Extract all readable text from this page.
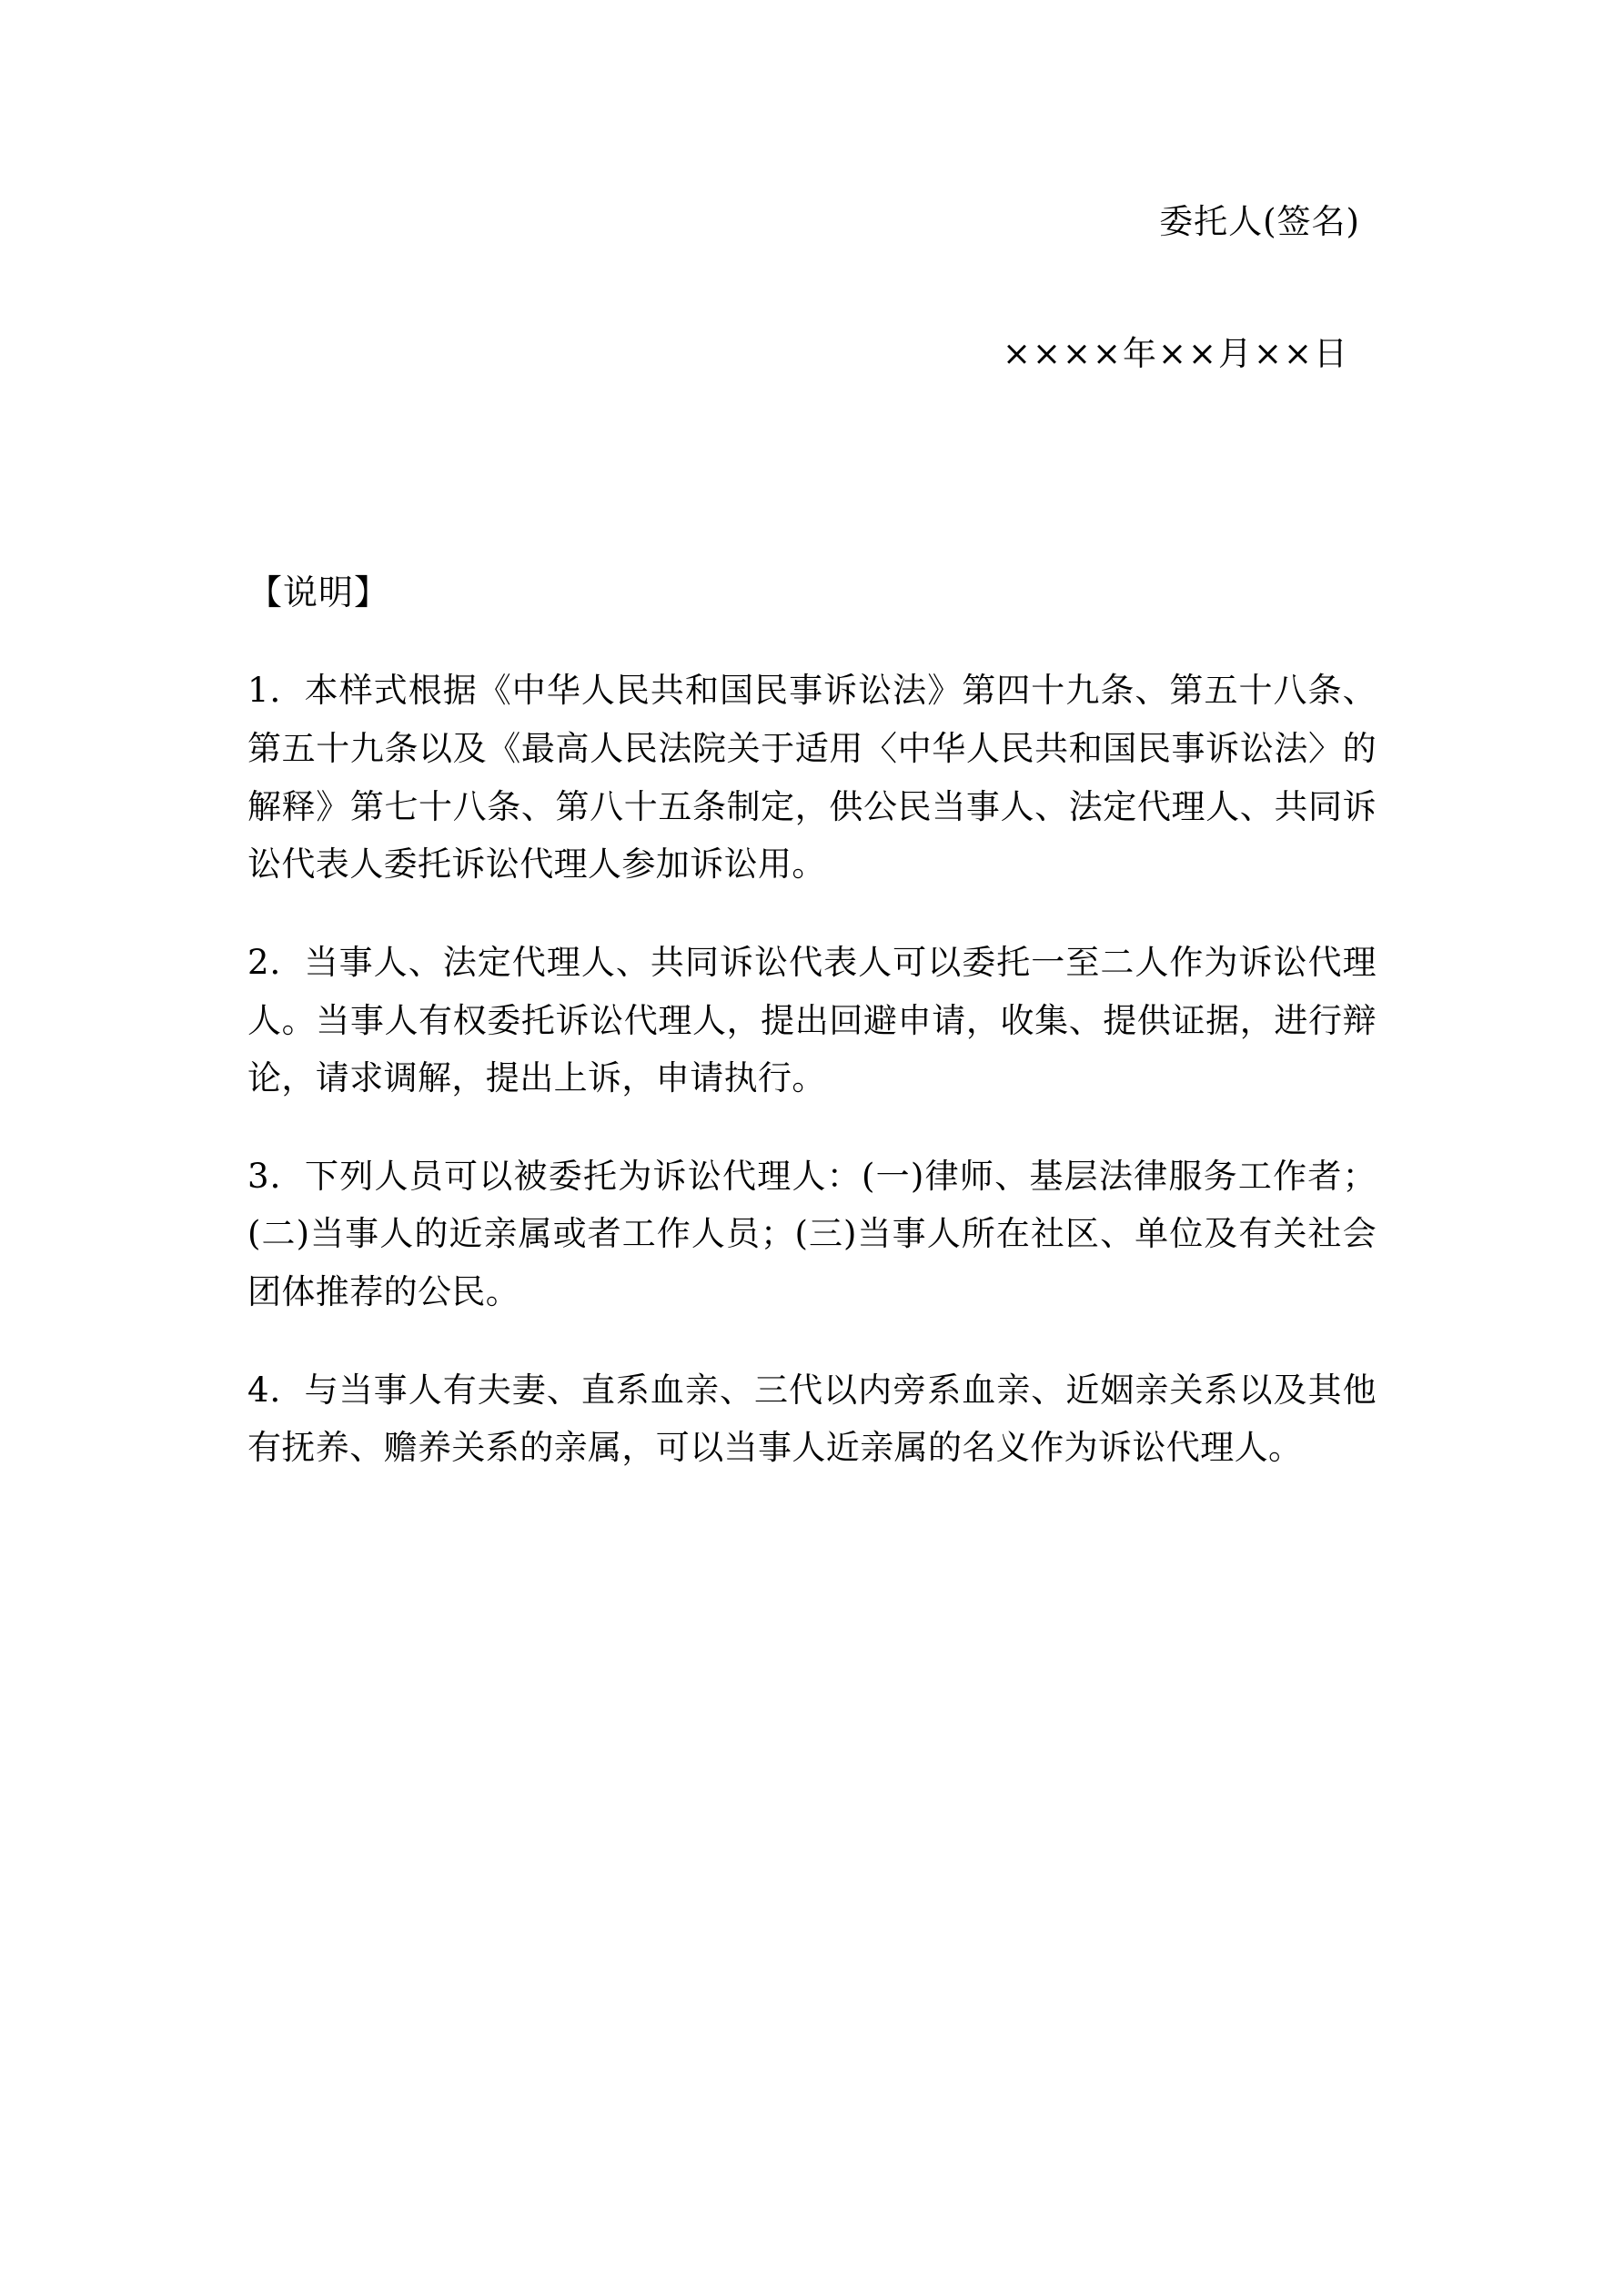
委托人(签名)
××××年××月××日
【说明】
1．本样式根据《中华人民共和国民事诉讼法》第四十九条、第五十八条、第五十九条以及《最高人民法院关于适用〈中华人民共和国民事诉讼法〉的解释》第七十八条、第八十五条制定，供公民当事人、法定代理人、共同诉讼代表人委托诉讼代理人参加诉讼用。
2．当事人、法定代理人、共同诉讼代表人可以委托一至二人作为诉讼代理人。当事人有权委托诉讼代理人，提出回避申请，收集、提供证据，进行辩论，请求调解，提出上诉，申请执行。
3．下列人员可以被委托为诉讼代理人：(一)律师、基层法律服务工作者；(二)当事人的近亲属或者工作人员；(三)当事人所在社区、单位及有关社会团体推荐的公民。
4．与当事人有夫妻、直系血亲、三代以内旁系血亲、近姻亲关系以及其他有抚养、赡养关系的亲属，可以当事人近亲属的名义作为诉讼代理人。
